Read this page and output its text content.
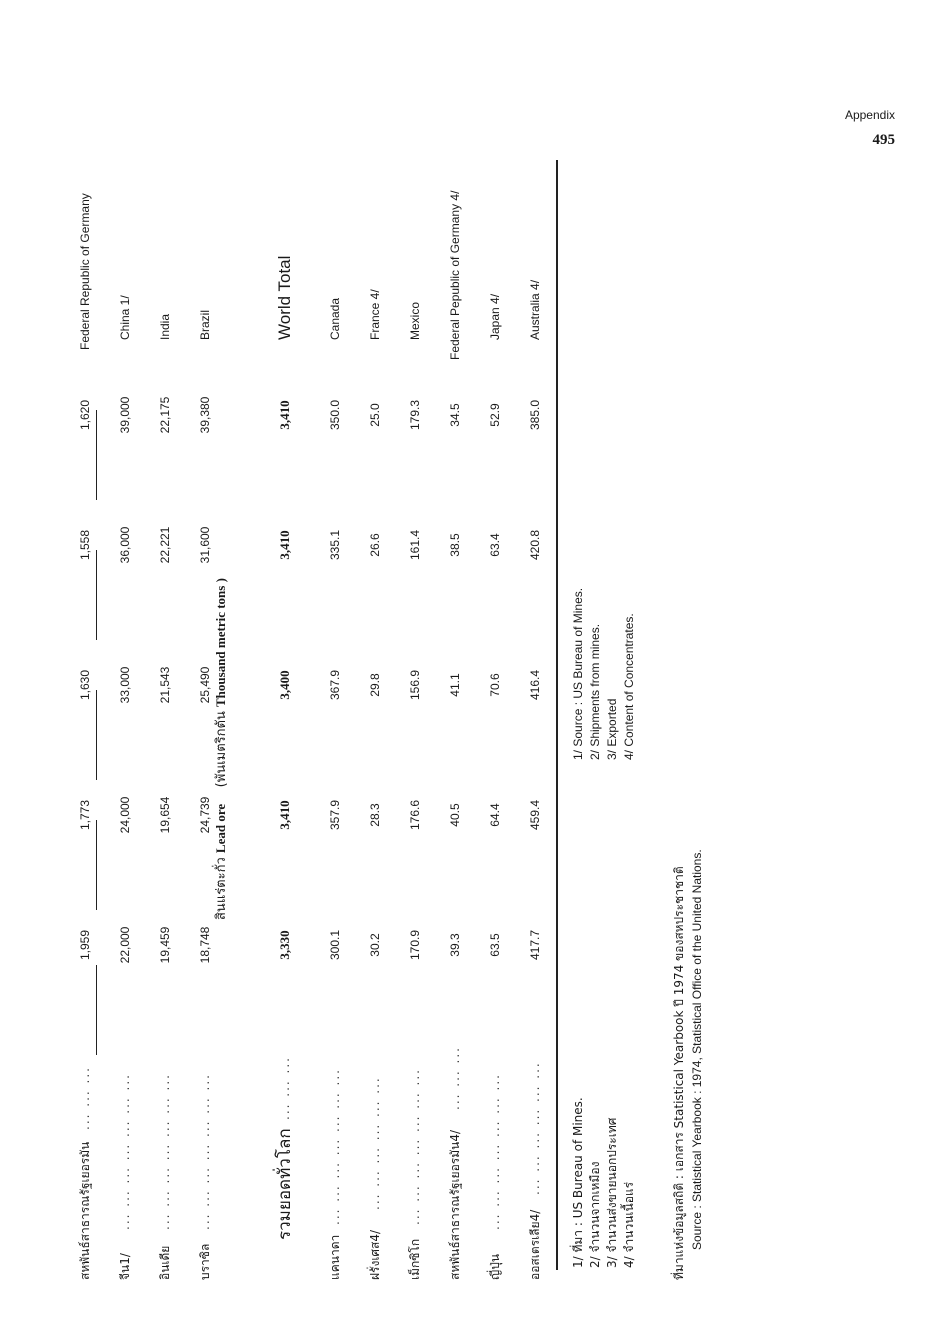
Appendix
495
สหพันธ์สาธารณรัฐเยอรมัน
... ... ...
1,959
1,773
1,630
1,558
1,620
Federal Republic of Germany
จีน1/
... ... ... ... ... ... ...
22,000
24,000
33,000
36,000
39,000
China 1/
อินเดีย
... ... ... ... ... ... ...
19,459
19,654
21,543
22,221
22,175
India
บราซิล
... ... ... ... ... ... ...
18,748
24,739
25,490
31,600
39,380
Brazil
สินแร่ตะกั่ว Lead ore    (พันเมตริกตัน Thousand metric tons )
รวมยอดทั่วโลก
... ... ...
3,330
3,410
3,400
3,410
3,410
World Total
แคนาดา
... ... ... ... ... ... ...
300.1
357.9
367.9
335.1
350.0
Canada
ฝรั่งเศส4/
... ... ... ... ... ...
30.2
28.3
29.8
26.6
25.0
France 4/
เม็กซิโก
... ... ... ... ... ... ...
170.9
176.6
156.9
161.4
179.3
Mexico
สหพันธ์สาธารณรัฐเยอรมัน4/
... ... ...
39.3
40.5
41.1
38.5
34.5
Federal Pepublic of Germany 4/
ญี่ปุ่น
... ... ... ... ... ... ...
63.5
64.4
70.6
63.4
52.9
Japan 4/
ออสเตรเลีย4/
... ... ... ... ... ...
417.7
459.4
416.4
420.8
385.0
Australia 4/
1/ ที่มา : US Bureau of Mines. 2/ จำนวนจากเหมือง 3/ จำนวนส่งขายนอกประเทศ 4/ จำนวนเนื้อแร่
1/ Source : US Bureau of Mines. 2/ Shipments from mines. 3/ Exported 4/ Content of Concentrates.
ที่มาแห่งข้อมูลสถิติ : เอกสาร Statistical Yearbook ปี 1974 ของสหประชาชาติ Source : Statistical Yearbook : 1974, Statistical Office of the United Nations.
